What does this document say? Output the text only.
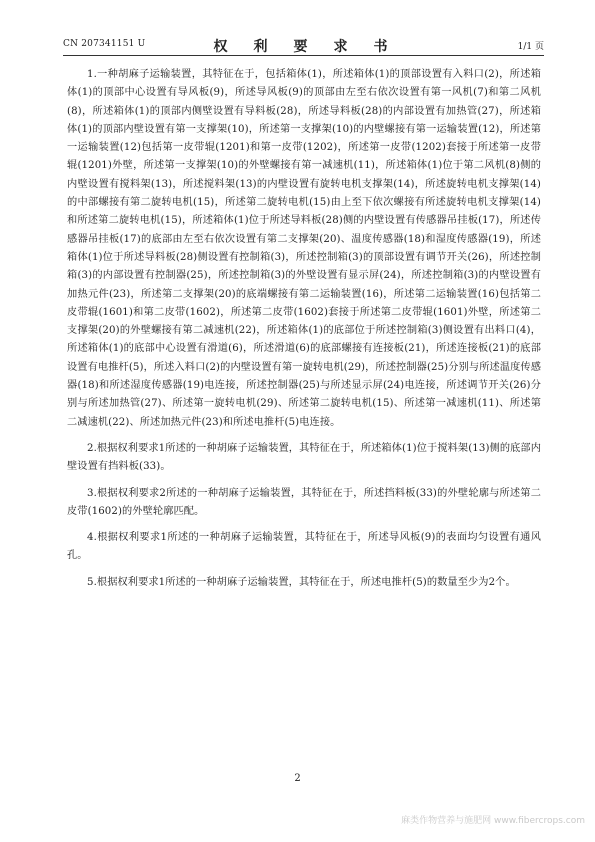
CN 207341151 U	权　利　要　求　书	1/1 页

1.一种胡麻子运输装置，其特征在于，包括箱体(1)，所述箱体(1)的顶部设置有入料口(2)，所述箱体(1)的顶部中心设置有导风板(9)，所述导风板(9)的顶部由左至右依次设置有第一风机(7)和第二风机(8)，所述箱体(1)的顶部内侧壁设置有导料板(28)，所述导料板(28)的内部设置有加热管(27)，所述箱体(1)的顶部内壁设置有第一支撑架(10)，所述第一支撑架(10)的内壁螺接有第一运输装置(12)，所述第一运输装置(12)包括第一皮带辊(1201)和第一皮带(1202)，所述第一皮带(1202)套接于所述第一皮带辊(1201)外壁，所述第一支撑架(10)的外壁螺接有第一减速机(11)，所述箱体(1)位于第二风机(8)侧的内壁设置有搅料架(13)，所述搅料架(13)的内壁设置有旋转电机支撑架(14)，所述旋转电机支撑架(14)的中部螺接有第二旋转电机(15)，所述第二旋转电机(15)由上至下依次螺接有所述旋转电机支撑架(14)和所述第二旋转电机(15)，所述箱体(1)位于所述导料板(28)侧的内壁设置有传感器吊挂板(17)，所述传感器吊挂板(17)的底部由左至右依次设置有第二支撑架(20)、温度传感器(18)和湿度传感器(19)，所述箱体(1)位于所述导料板(28)侧设置有控制箱(3)，所述控制箱(3)的顶部设置有调节开关(26)，所述控制箱(3)的内部设置有控制器(25)，所述控制箱(3)的外壁设置有显示屏(24)，所述控制箱(3)的内壁设置有加热元件(23)，所述第二支撑架(20)的底端螺接有第二运输装置(16)，所述第二运输装置(16)包括第二皮带辊(1601)和第二皮带(1602)，所述第二皮带(1602)套接于所述第二皮带辊(1601)外壁，所述第二支撑架(20)的外壁螺接有第二减速机(22)，所述箱体(1)的底部位于所述控制箱(3)侧设置有出料口(4)，所述箱体(1)的底部中心设置有滑道(6)，所述滑道(6)的底部螺接有连接板(21)，所述连接板(21)的底部设置有电推杆(5)，所述入料口(2)的内壁设置有第一旋转电机(29)，所述控制器(25)分别与所述温度传感器(18)和所述湿度传感器(19)电连接，所述控制器(25)与所述显示屏(24)电连接，所述调节开关(26)分别与所述加热管(27)、所述第一旋转电机(29)、所述第二旋转电机(15)、所述第一减速机(11)、所述第二减速机(22)、所述加热元件(23)和所述电推杆(5)电连接。

2.根据权利要求1所述的一种胡麻子运输装置，其特征在于，所述箱体(1)位于搅料架(13)侧的底部内壁设置有挡料板(33)。

3.根据权利要求2所述的一种胡麻子运输装置，其特征在于，所述挡料板(33)的外壁轮廓与所述第二皮带(1602)的外壁轮廓匹配。

4.根据权利要求1所述的一种胡麻子运输装置，其特征在于，所述导风板(9)的表面均匀设置有通风孔。

5.根据权利要求1所述的一种胡麻子运输装置，其特征在于，所述电推杆(5)的数量至少为2个。

2
麻类作物营养与施肥网 www.fibercrops.com
